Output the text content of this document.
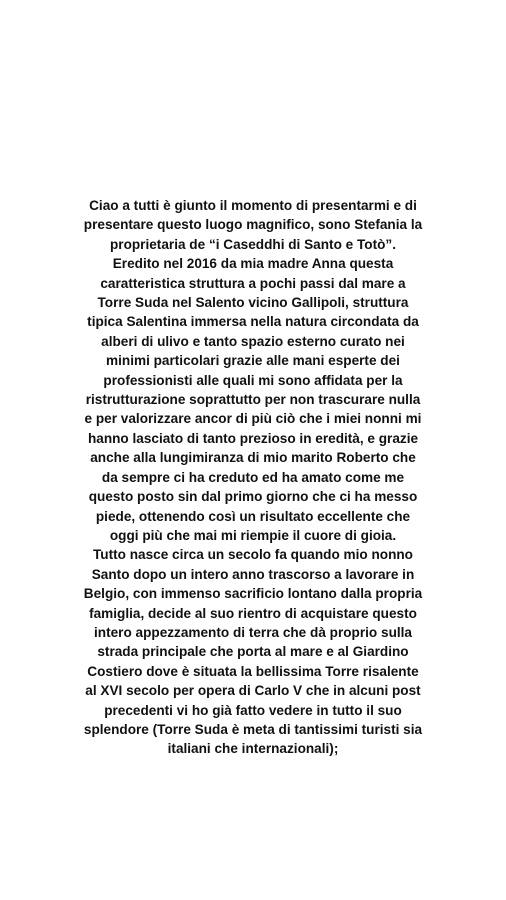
Ciao a tutti è giunto il momento di presentarmi e di
presentare questo luogo magnifico, sono Stefania la
proprietaria de “i Caseddhi di Santo e Totò”.
Eredito nel 2016 da mia madre Anna questa
caratteristica struttura a pochi passi dal mare a
Torre Suda nel Salento vicino Gallipoli, struttura
tipica Salentina immersa nella natura circondata da
alberi di ulivo e tanto spazio esterno curato nei
minimi particolari grazie alle mani esperte dei
professionisti alle quali mi sono affidata per la
ristrutturazione soprattutto per non trascurare nulla
e per valorizzare ancor di più ciò che i miei nonni mi
hanno lasciato di tanto prezioso in eredità, e grazie
anche alla lungimiranza di mio marito Roberto che
da sempre ci ha creduto ed ha amato come me
questo posto sin dal primo giorno che ci ha messo
piede, ottenendo così un risultato eccellente che
oggi più che mai mi riempie il cuore di gioia.
Tutto nasce circa un secolo fa quando mio nonno
Santo dopo un intero anno trascorso a lavorare in
Belgio, con immenso sacrificio lontano dalla propria
famiglia, decide al suo rientro di acquistare questo
intero appezzamento di terra che dà proprio sulla
strada principale che porta al mare e al Giardino
Costiero dove è situata la bellissima Torre risalente
al XVI secolo per opera di Carlo V che in alcuni post
precedenti vi ho già fatto vedere in tutto il suo
splendore (Torre Suda è meta di tantissimi turisti sia
italiani che internazionali);
